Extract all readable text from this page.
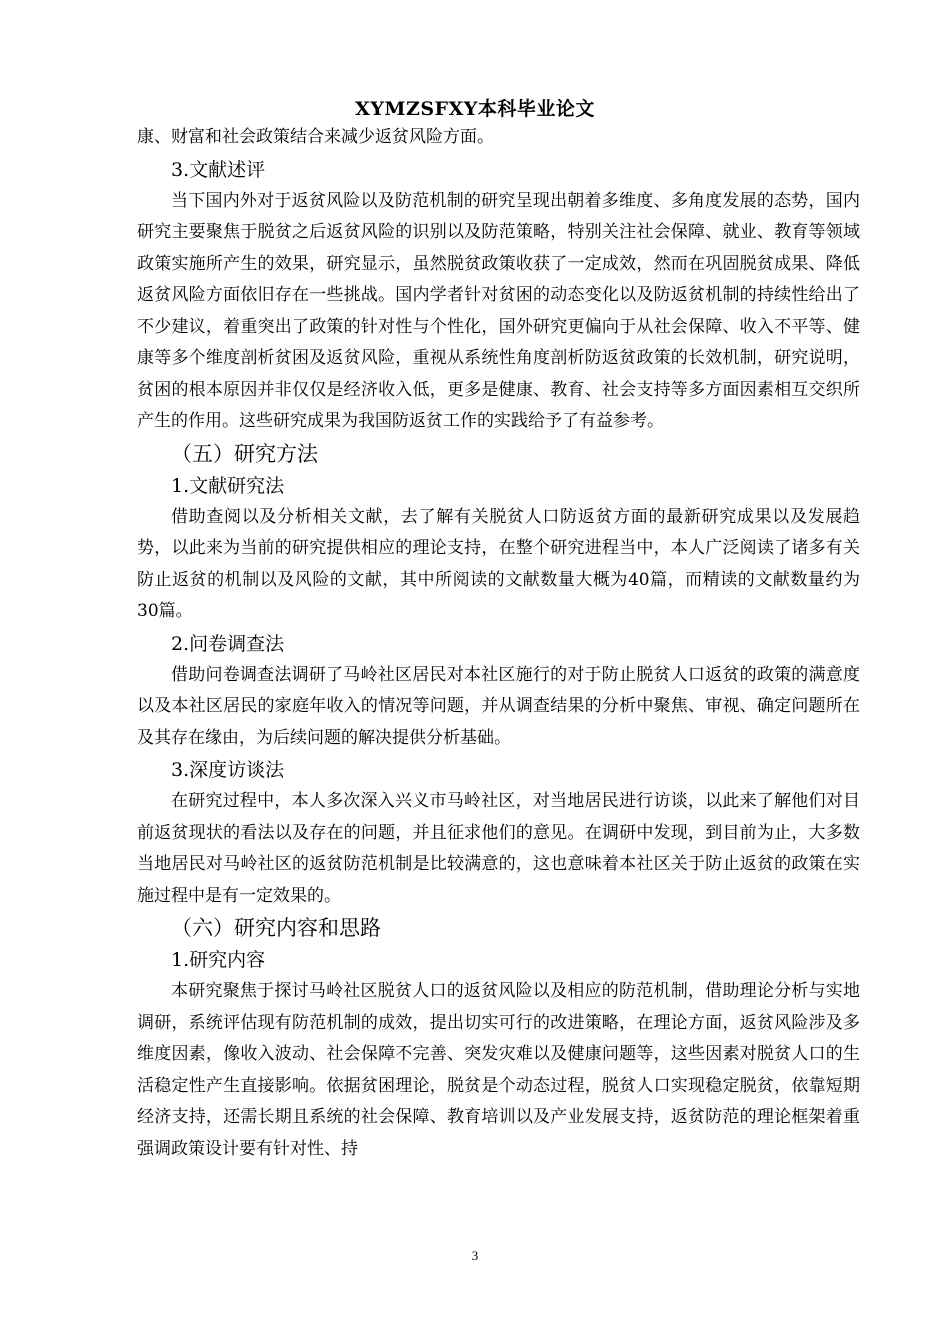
XYMZSFXY本科毕业论文

康、财富和社会政策结合来减少返贫风险方面。

3.文献述评

当下国内外对于返贫风险以及防范机制的研究呈现出朝着多维度、多角度发展的态势，国内研究主要聚焦于脱贫之后返贫风险的识别以及防范策略，特别关注社会保障、就业、教育等领域政策实施所产生的效果，研究显示，虽然脱贫政策收获了一定成效，然而在巩固脱贫成果、降低返贫风险方面依旧存在一些挑战。国内学者针对贫困的动态变化以及防返贫机制的持续性给出了不少建议，着重突出了政策的针对性与个性化，国外研究更偏向于从社会保障、收入不平等、健康等多个维度剖析贫困及返贫风险，重视从系统性角度剖析防返贫政策的长效机制，研究说明，贫困的根本原因并非仅仅是经济收入低，更多是健康、教育、社会支持等多方面因素相互交织所产生的作用。这些研究成果为我国防返贫工作的实践给予了有益参考。

（五）研究方法
1.文献研究法

借助查阅以及分析相关文献，去了解有关脱贫人口防返贫方面的最新研究成果以及发展趋势，以此来为当前的研究提供相应的理论支持，在整个研究进程当中，本人广泛阅读了诸多有关防止返贫的机制以及风险的文献，其中所阅读的文献数量大概为40篇，而精读的文献数量约为30篇。

2.问卷调查法

借助问卷调查法调研了马岭社区居民对本社区施行的对于防止脱贫人口返贫的政策的满意度以及本社区居民的家庭年收入的情况等问题，并从调查结果的分析中聚焦、审视、确定问题所在及其存在缘由，为后续问题的解决提供分析基础。

3.深度访谈法

在研究过程中，本人多次深入兴义市马岭社区，对当地居民进行访谈，以此来了解他们对目前返贫现状的看法以及存在的问题，并且征求他们的意见。在调研中发现，到目前为止，大多数当地居民对马岭社区的返贫防范机制是比较满意的，这也意味着本社区关于防止返贫的政策在实施过程中是有一定效果的。

（六）研究内容和思路
1.研究内容

本研究聚焦于探讨马岭社区脱贫人口的返贫风险以及相应的防范机制，借助理论分析与实地调研，系统评估现有防范机制的成效，提出切实可行的改进策略，在理论方面，返贫风险涉及多维度因素，像收入波动、社会保障不完善、突发灾难以及健康问题等，这些因素对脱贫人口的生活稳定性产生直接影响。依据贫困理论，脱贫是个动态过程，脱贫人口实现稳定脱贫，依靠短期经济支持，还需长期且系统的社会保障、教育培训以及产业发展支持，返贫防范的理论框架着重强调政策设计要有针对性、持

3
